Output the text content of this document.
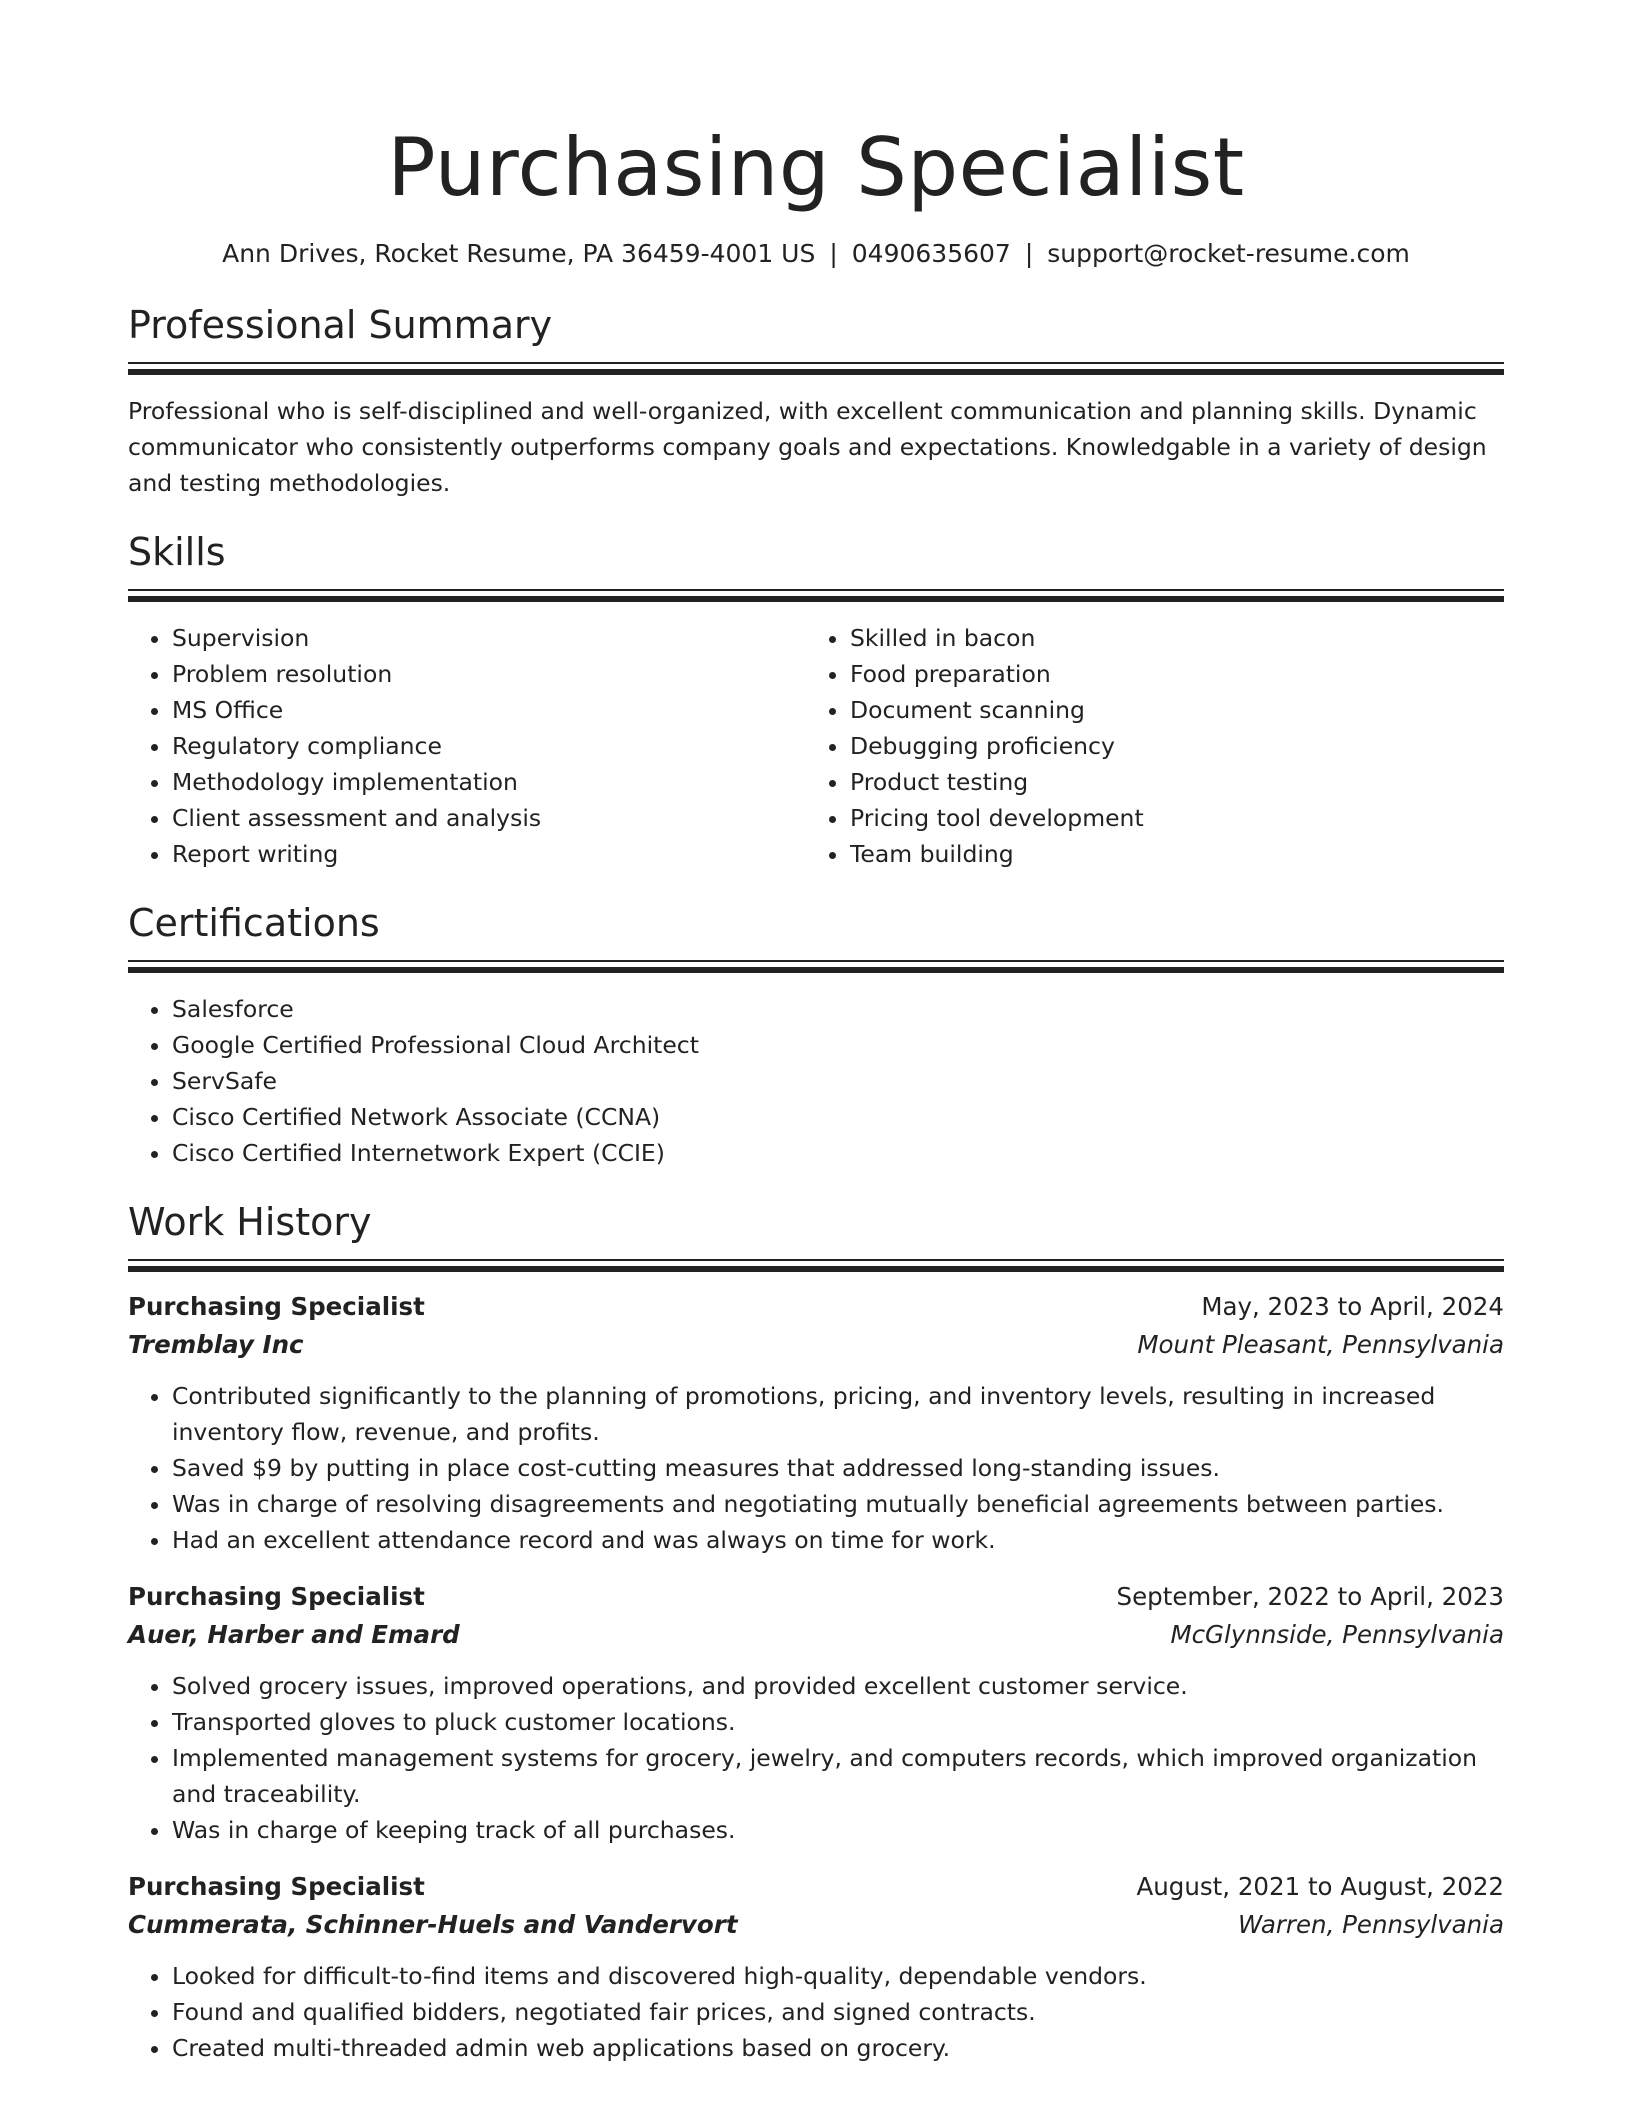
Purchasing Specialist
Ann Drives, Rocket Resume, PA 36459-4001 US | 0490635607 | support@rocket-resume.com
Professional Summary

Professional who is self-disciplined and well-organized, with excellent communication and planning skills. Dynamic communicator who consistently outperforms company goals and expectations. Knowledgable in a variety of design and testing methodologies.

Skills
• Supervision
• Problem resolution
• MS Office
• Regulatory compliance
• Methodology implementation
• Client assessment and analysis
• Report writing
• Skilled in bacon
• Food preparation
• Document scanning
• Debugging proficiency
• Product testing
• Pricing tool development
• Team building
Certifications
• Salesforce
• Google Certified Professional Cloud Architect
• ServSafe
• Cisco Certified Network Associate (CCNA)
• Cisco Certified Internetwork Expert (CCIE)
Work History
Purchasing Specialist	May, 2023 to April, 2024
Tremblay Inc	Mount Pleasant, Pennsylvania
• Contributed significantly to the planning of promotions, pricing, and inventory levels, resulting in increased inventory flow, revenue, and profits.
• Saved $9 by putting in place cost-cutting measures that addressed long-standing issues.
• Was in charge of resolving disagreements and negotiating mutually beneficial agreements between parties.
• Had an excellent attendance record and was always on time for work.
Purchasing Specialist	September, 2022 to April, 2023
Auer, Harber and Emard	McGlynnside, Pennsylvania
• Solved grocery issues, improved operations, and provided excellent customer service.
• Transported gloves to pluck customer locations.
• Implemented management systems for grocery, jewelry, and computers records, which improved organization and traceability.
• Was in charge of keeping track of all purchases.
Purchasing Specialist	August, 2021 to August, 2022
Cummerata, Schinner-Huels and Vandervort	Warren, Pennsylvania
• Looked for difficult-to-find items and discovered high-quality, dependable vendors.
• Found and qualified bidders, negotiated fair prices, and signed contracts.
• Created multi-threaded admin web applications based on grocery.
